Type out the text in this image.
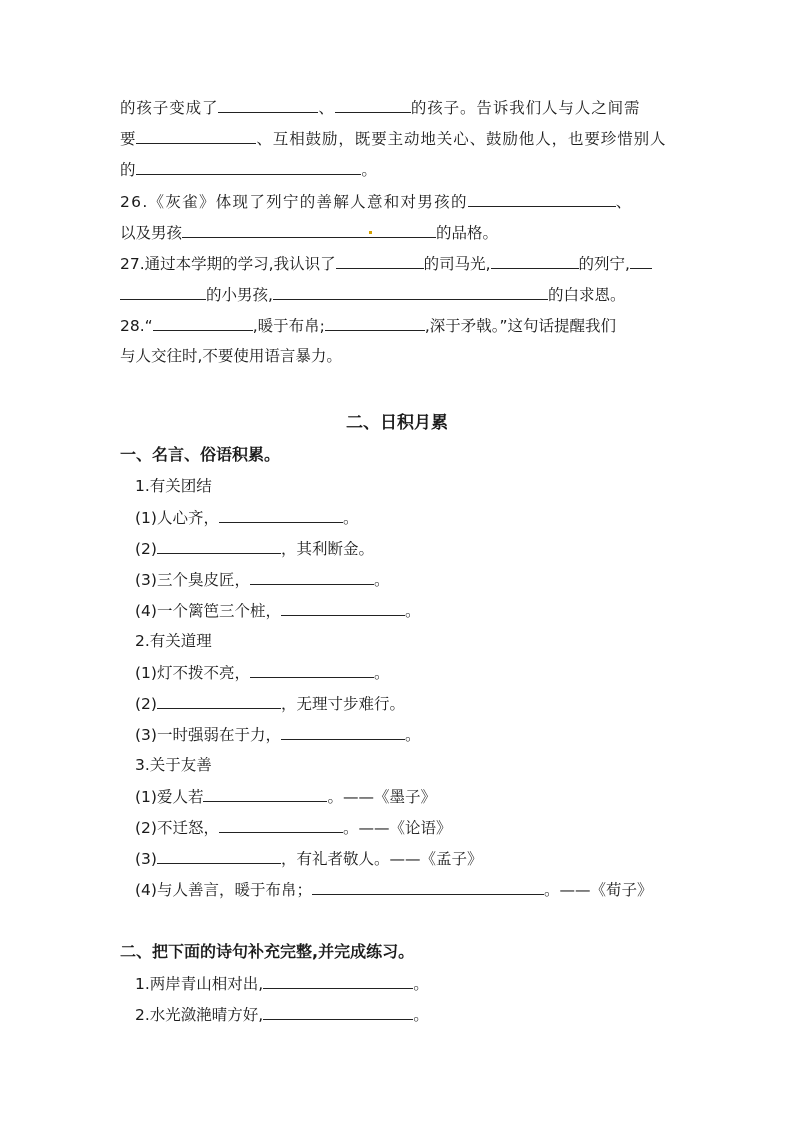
的孩子变成了	、	的孩子。告诉我们人与人之间需
要	、互相鼓励，既要主动地关心、鼓励他人，也要珍惜别人
的	。
26.《灰雀》体现了列宁的善解人意和对男孩的	、
以及男孩	的品格。
27.通过本学期的学习,我认识了	的司马光,	的列宁,
的小男孩,	的白求恩。
28.“	,暖于布帛;	,深于矛戟。”这句话提醒我们
与人交往时,不要使用语言暴力。
二、日积月累
一、名言、俗语积累。
1.有关团结
(1)人心齐，	。
(2)	，其利断金。
(3)三个臭皮匠，	。
(4)一个篱笆三个桩，	。
2.有关道理
(1)灯不拨不亮，	。
(2)	，无理寸步难行。
(3)一时强弱在于力，	。
3.关于友善
(1)爱人若	。——《墨子》
(2)不迁怒，	。——《论语》
(3)	，有礼者敬人。——《孟子》
(4)与人善言，暖于布帛；	。——《荀子》
二、把下面的诗句补充完整,并完成练习。
1.两岸青山相对出,	。
2.水光潋滟晴方好,	。
